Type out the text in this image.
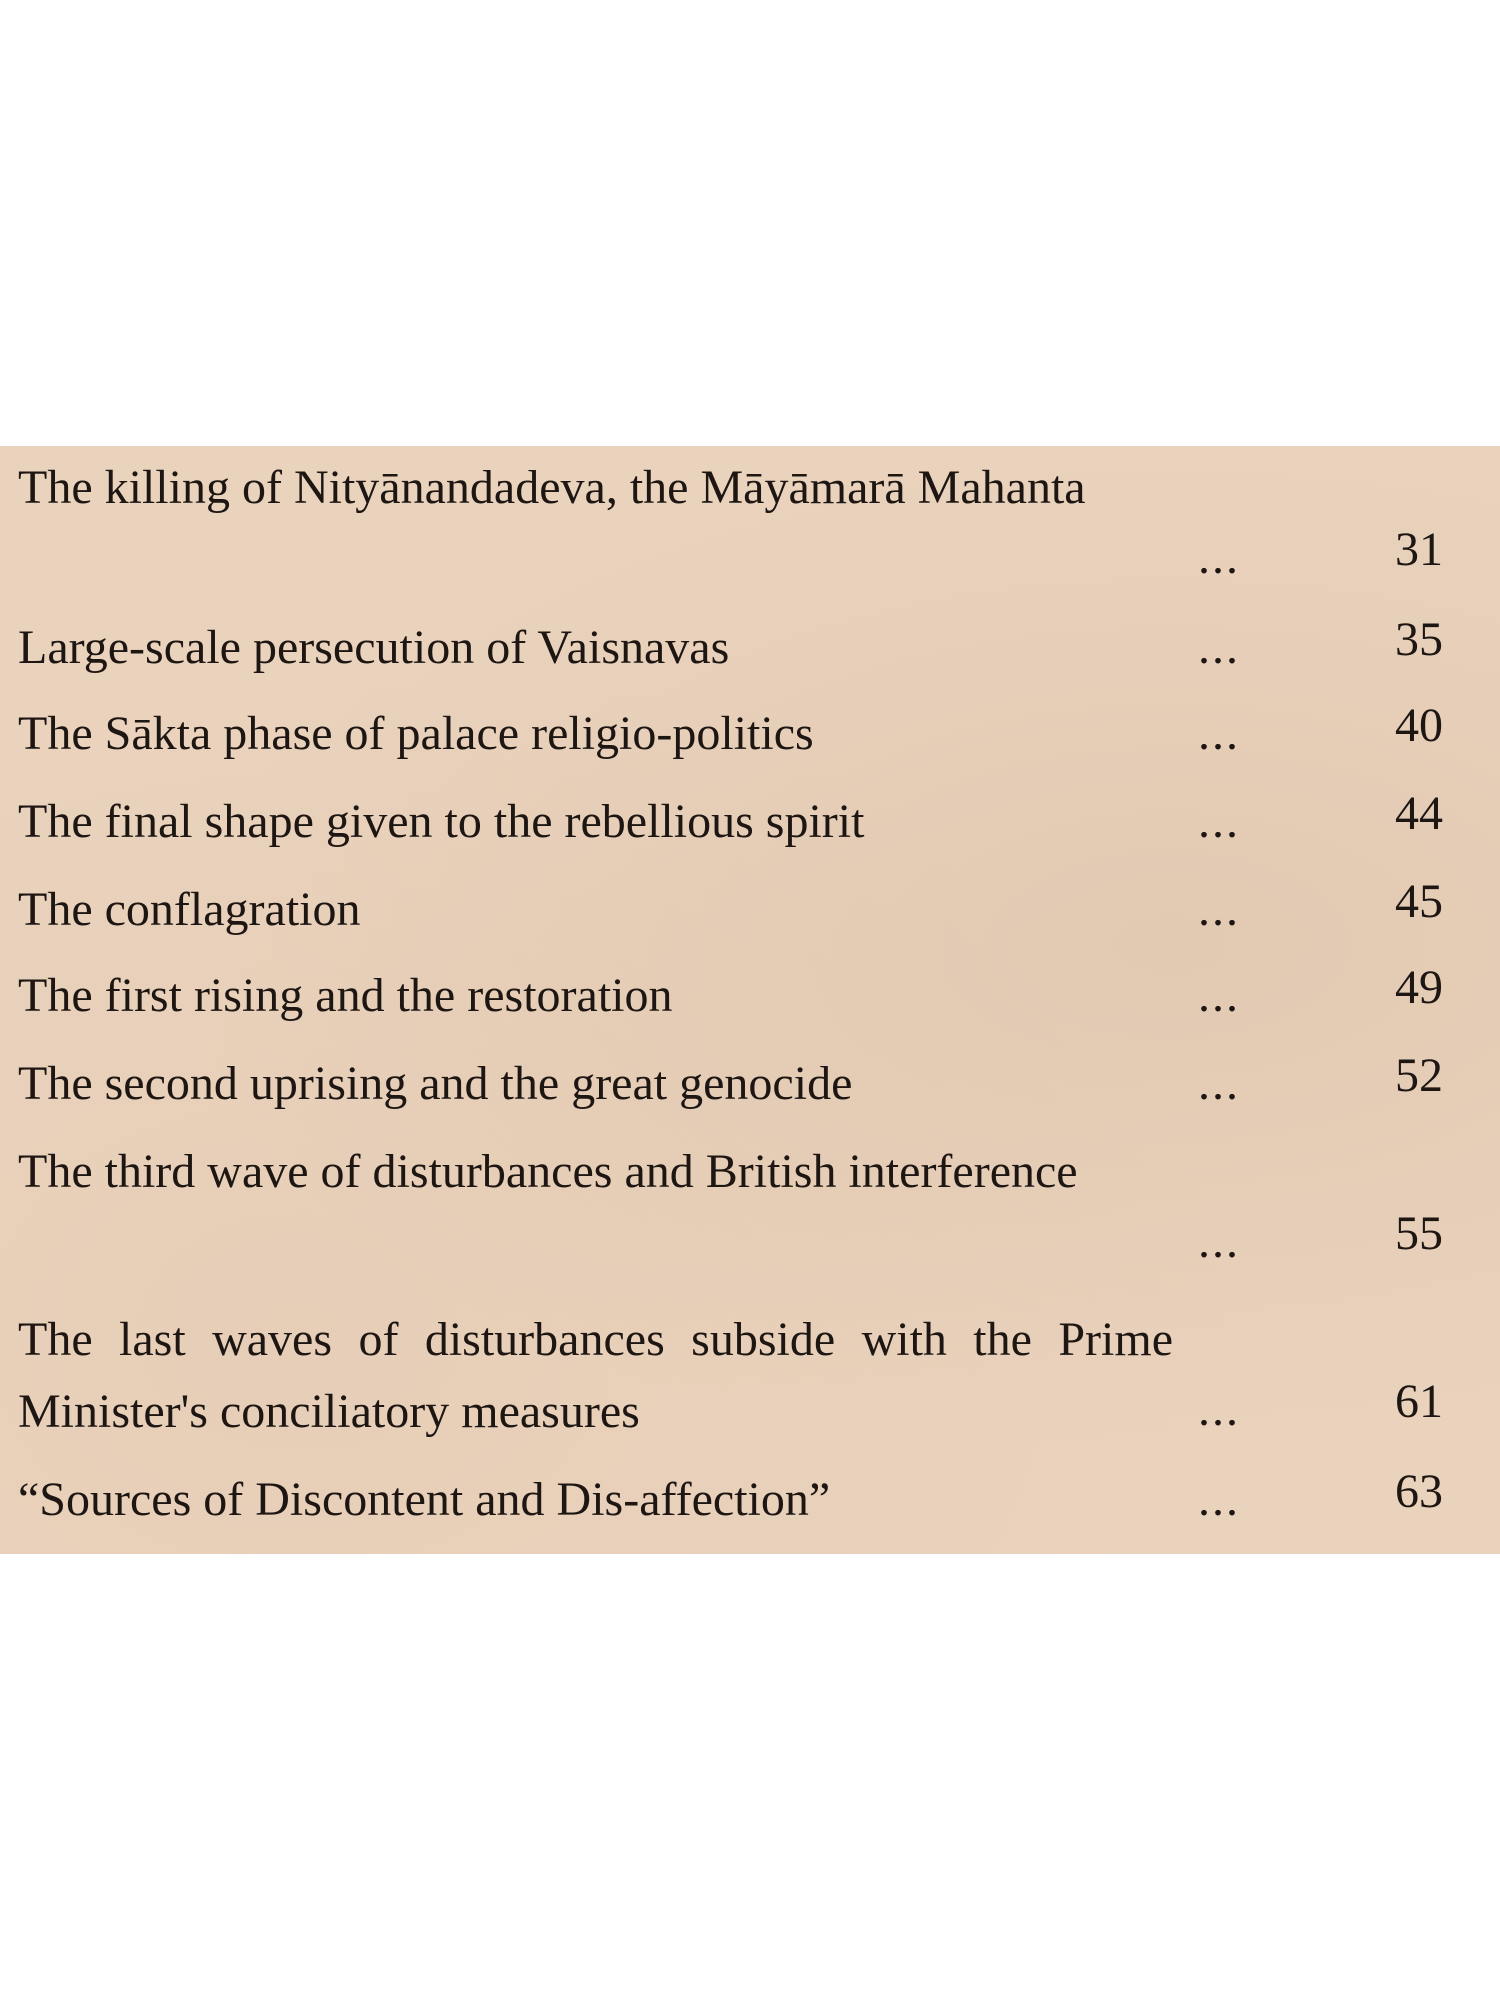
The killing of Nityānandadeva, the Māyāmarā Mahanta
...	31
Large-scale persecution of Vaisnavas	...	35
The Sākta phase of palace religio-politics	...	40
The final shape given to the rebellious spirit	...	44
The conflagration	...	45
The first rising and the restoration	...	49
The second uprising and the great genocide	...	52
The third wave of disturbances and British interference
...	55
The last waves of disturbances subside with the Prime Minister's conciliatory measures	...	61
“Sources of Discontent and Dis-affection”	...	63
